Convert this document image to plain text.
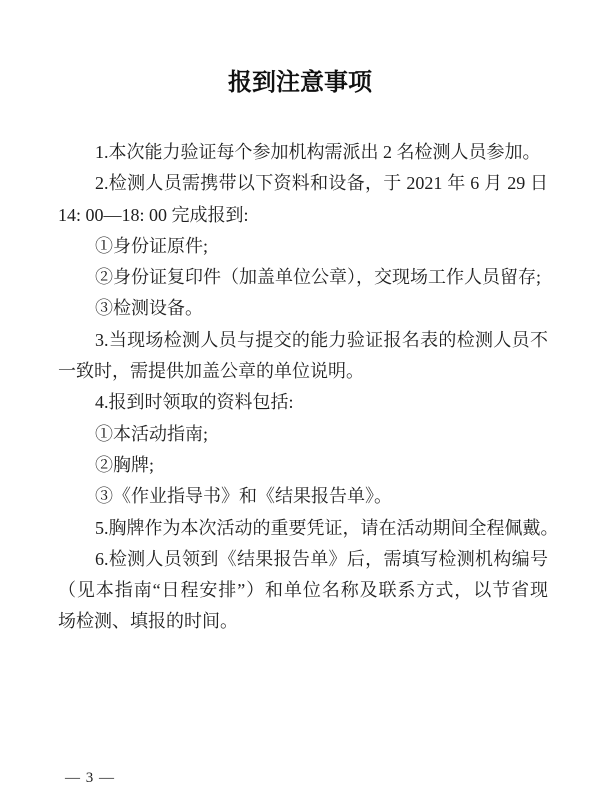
报到注意事项
1.本次能力验证每个参加机构需派出 2 名检测人员参加。
2.检测人员需携带以下资料和设备，于 2021 年 6 月 29 日
14: 00—18: 00 完成报到:
①身份证原件;
②身份证复印件（加盖单位公章），交现场工作人员留存;
③检测设备。
3.当现场检测人员与提交的能力验证报名表的检测人员不
一致时，需提供加盖公章的单位说明。
4.报到时领取的资料包括:
①本活动指南;
②胸牌;
③《作业指导书》和《结果报告单》。
5.胸牌作为本次活动的重要凭证，请在活动期间全程佩戴。
6.检测人员领到《结果报告单》后，需填写检测机构编号
（见本指南“日程安排”）和单位名称及联系方式，以节省现
场检测、填报的时间。
— 3 —
